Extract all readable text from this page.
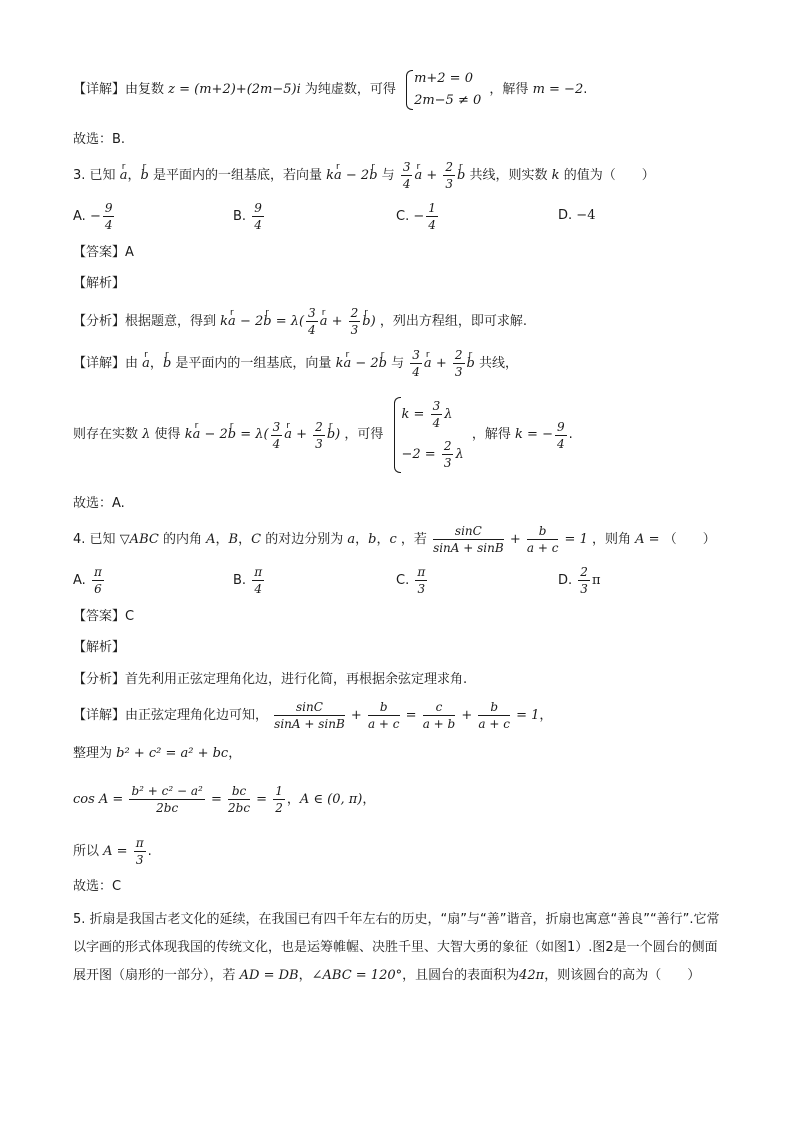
【详解】由复数 z = (m+2)+(2m−5)i 为纯虚数，可得
m+2 = 0
2m−5 ≠ 0
，解得 m = −2.
故选：B.
3. 已知 r a，r b 是平面内的一组基底，若向量 kr a − 2r b 与 $\frac{3}{4}$ r $a + \frac{2}{3}$ r b 共线，则实数 k 的值为（　　）
A. − $\frac{9}{4}$	B. $\frac{9}{4}$	C. − $\frac{1}{4}$	D. −4
【答案】A
【解析】
【分析】根据题意，得到 kr a − 2r $b = \lambda( \frac{3}{4}$ r $a + \frac{2}{3}$ r b) ，列出方程组，即可求解.
【详解】由 r a，r b 是平面内的一组基底，向量 kr a − 2r b 与 $\frac{3}{4}$ r $a + \frac{2}{3}$ r b 共线，
则存在实数 λ 使得 kr a − 2r $b = \lambda( \frac{3}{4}$ r $a + \frac{2}{3}$ r b) ，可得
$k = \frac{3}{4}$ λ
$-2 = \frac{2}{3}$ λ
，解得 k = − $\frac{9}{4}$ .
故选：A.
4. 已知 ▽ABC 的内角 A，B，C 的对边分别为 a，b，c ，若 $\frac{\sin C}{\sin A + \sin B} + \frac{b}{a + c} = 1$ ，则角 A = （　　）
A. $\frac{\pi}{6}$	B. $\frac{\pi}{4}$	C. $\frac{\pi}{3}$	D. $\frac{2}{3}$ π
【答案】C
【解析】
【分析】首先利用正弦定理角化边，进行化简，再根据余弦定理求角.
【详解】由正弦定理角化边可知， $\frac{\sin C}{\sin A + \sin B} + \frac{b}{a + c} = \frac{c}{a + b} + \frac{b}{a + c} = 1$，
整理为 b² + c² = a² + bc，
$\cos A = \frac{\text{b² + c² − a²}}{2bc} = \frac{bc}{2bc} = \frac{1}{2}$ ，A ∈ (0, π)，
所以 $A = \frac{\pi}{3}$ .
故选：C
5. 折扇是我国古老文化的延续，在我国已有四千年左右的历史，“扇”与“善”谐音，折扇也寓意“善良”“善行”.它常以字画的形式体现我国的传统文化，也是运筹帷幄、决胜千里、大智大勇的象征（如图1）.图2是一个圆台的侧面展开图（扇形的一部分），若 AD = DB，∠ABC = 120°，且圆台的表面积为42π，则该圆台的高为（　　）
